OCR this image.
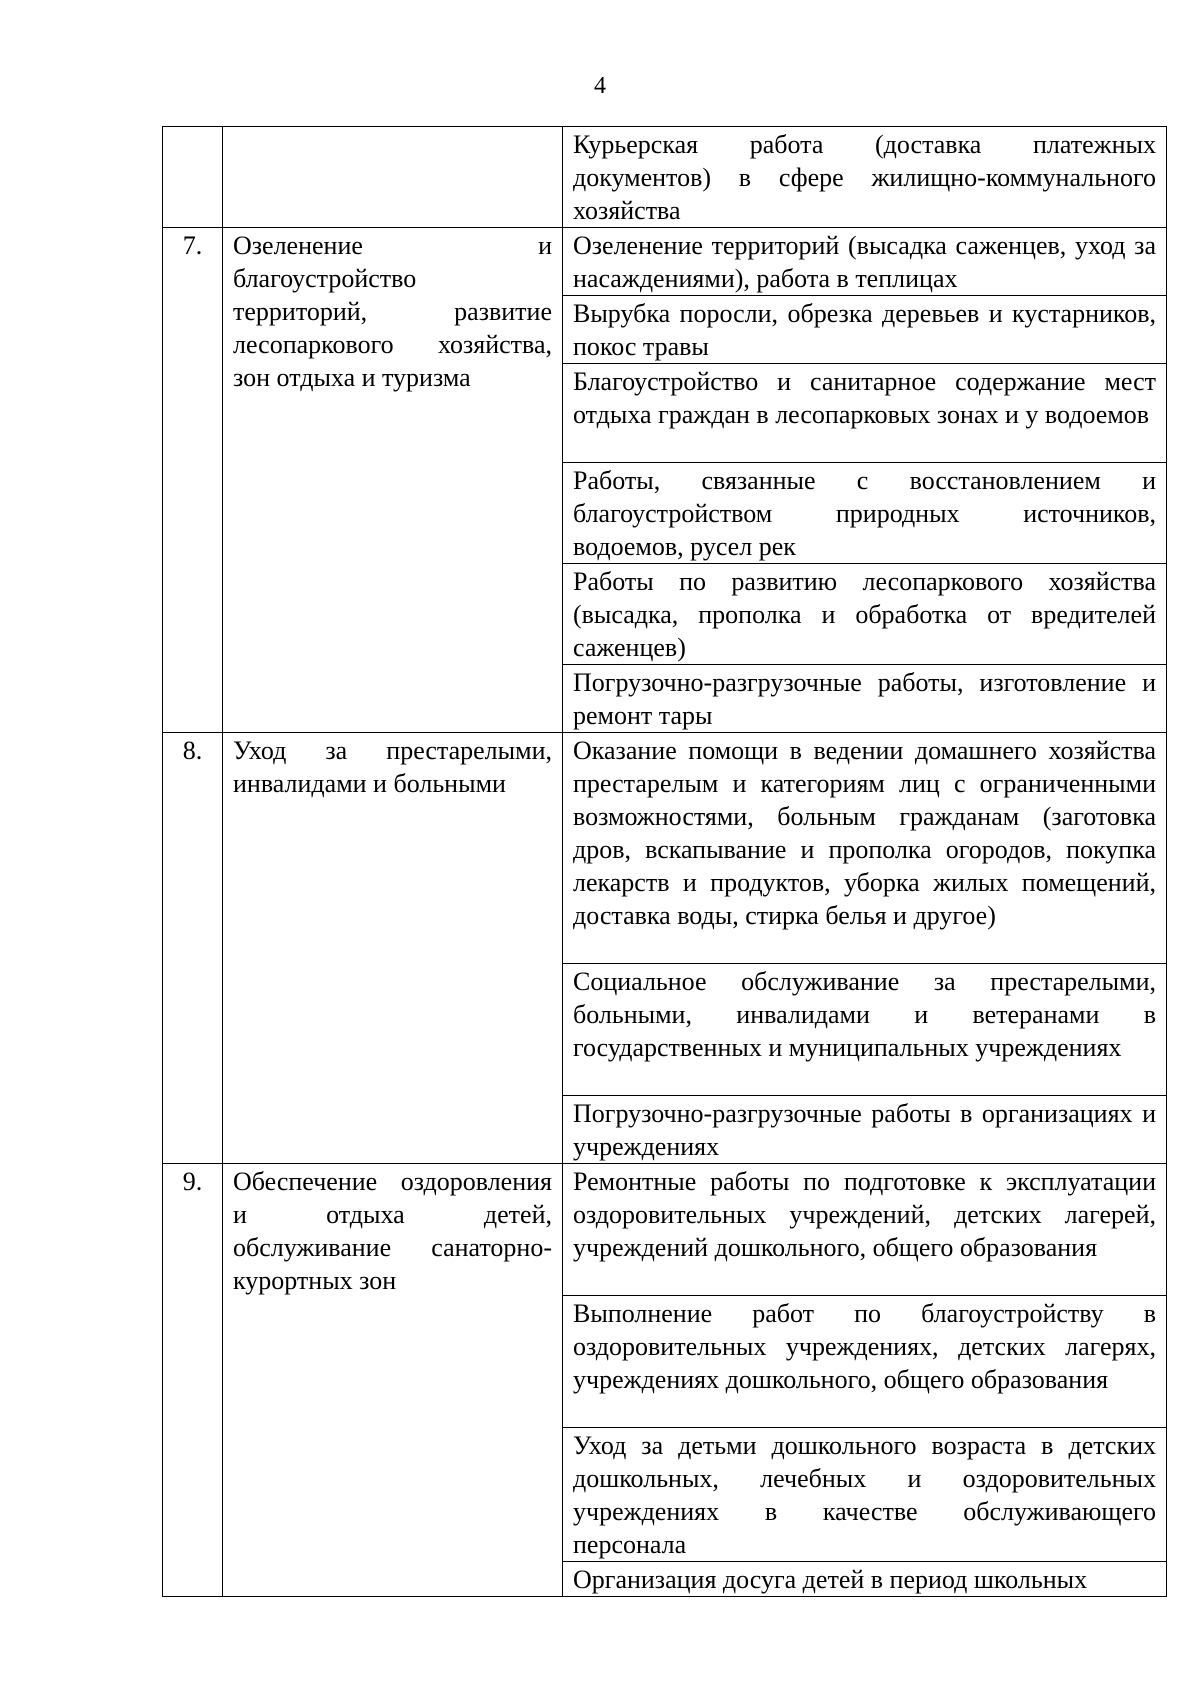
4
		Курьерская работа (доставка платежных документов) в сфере жилищно-коммунального хозяйства
7.	Озеленение и благоустройство территорий, развитие лесопаркового хозяйства, зон отдыха и туризма	Озеленение территорий (высадка саженцев, уход за насаждениями), работа в теплицах
		Вырубка поросли, обрезка деревьев и кустарников, покос травы
		Благоустройство и санитарное содержание мест отдыха граждан в лесопарковых зонах и у водоемов
		Работы, связанные с восстановлением и благоустройством природных источников, водоемов, русел рек
		Работы по развитию лесопаркового хозяйства (высадка, прополка и обработка от вредителей саженцев)
		Погрузочно-разгрузочные работы, изготовление и ремонт тары
8.	Уход за престарелыми, инвалидами и больными	Оказание помощи в ведении домашнего хозяйства престарелым и категориям лиц с ограниченными возможностями, больным гражданам (заготовка дров, вскапывание и прополка огородов, покупка лекарств и продуктов, уборка жилых помещений, доставка воды, стирка белья и другое)
		Социальное обслуживание за престарелыми, больными, инвалидами и ветеранами в государственных и муниципальных учреждениях
		Погрузочно-разгрузочные работы в организациях и учреждениях
9.	Обеспечение оздоровления и отдыха детей, обслуживание санаторно-курортных зон	Ремонтные работы по подготовке к эксплуатации оздоровительных учреждений, детских лагерей, учреждений дошкольного, общего образования
		Выполнение работ по благоустройству в оздоровительных учреждениях, детских лагерях, учреждениях дошкольного, общего образования
		Уход за детьми дошкольного возраста в детских дошкольных, лечебных и оздоровительных учреждениях в качестве обслуживающего персонала
		Организация досуга детей в период школьных
